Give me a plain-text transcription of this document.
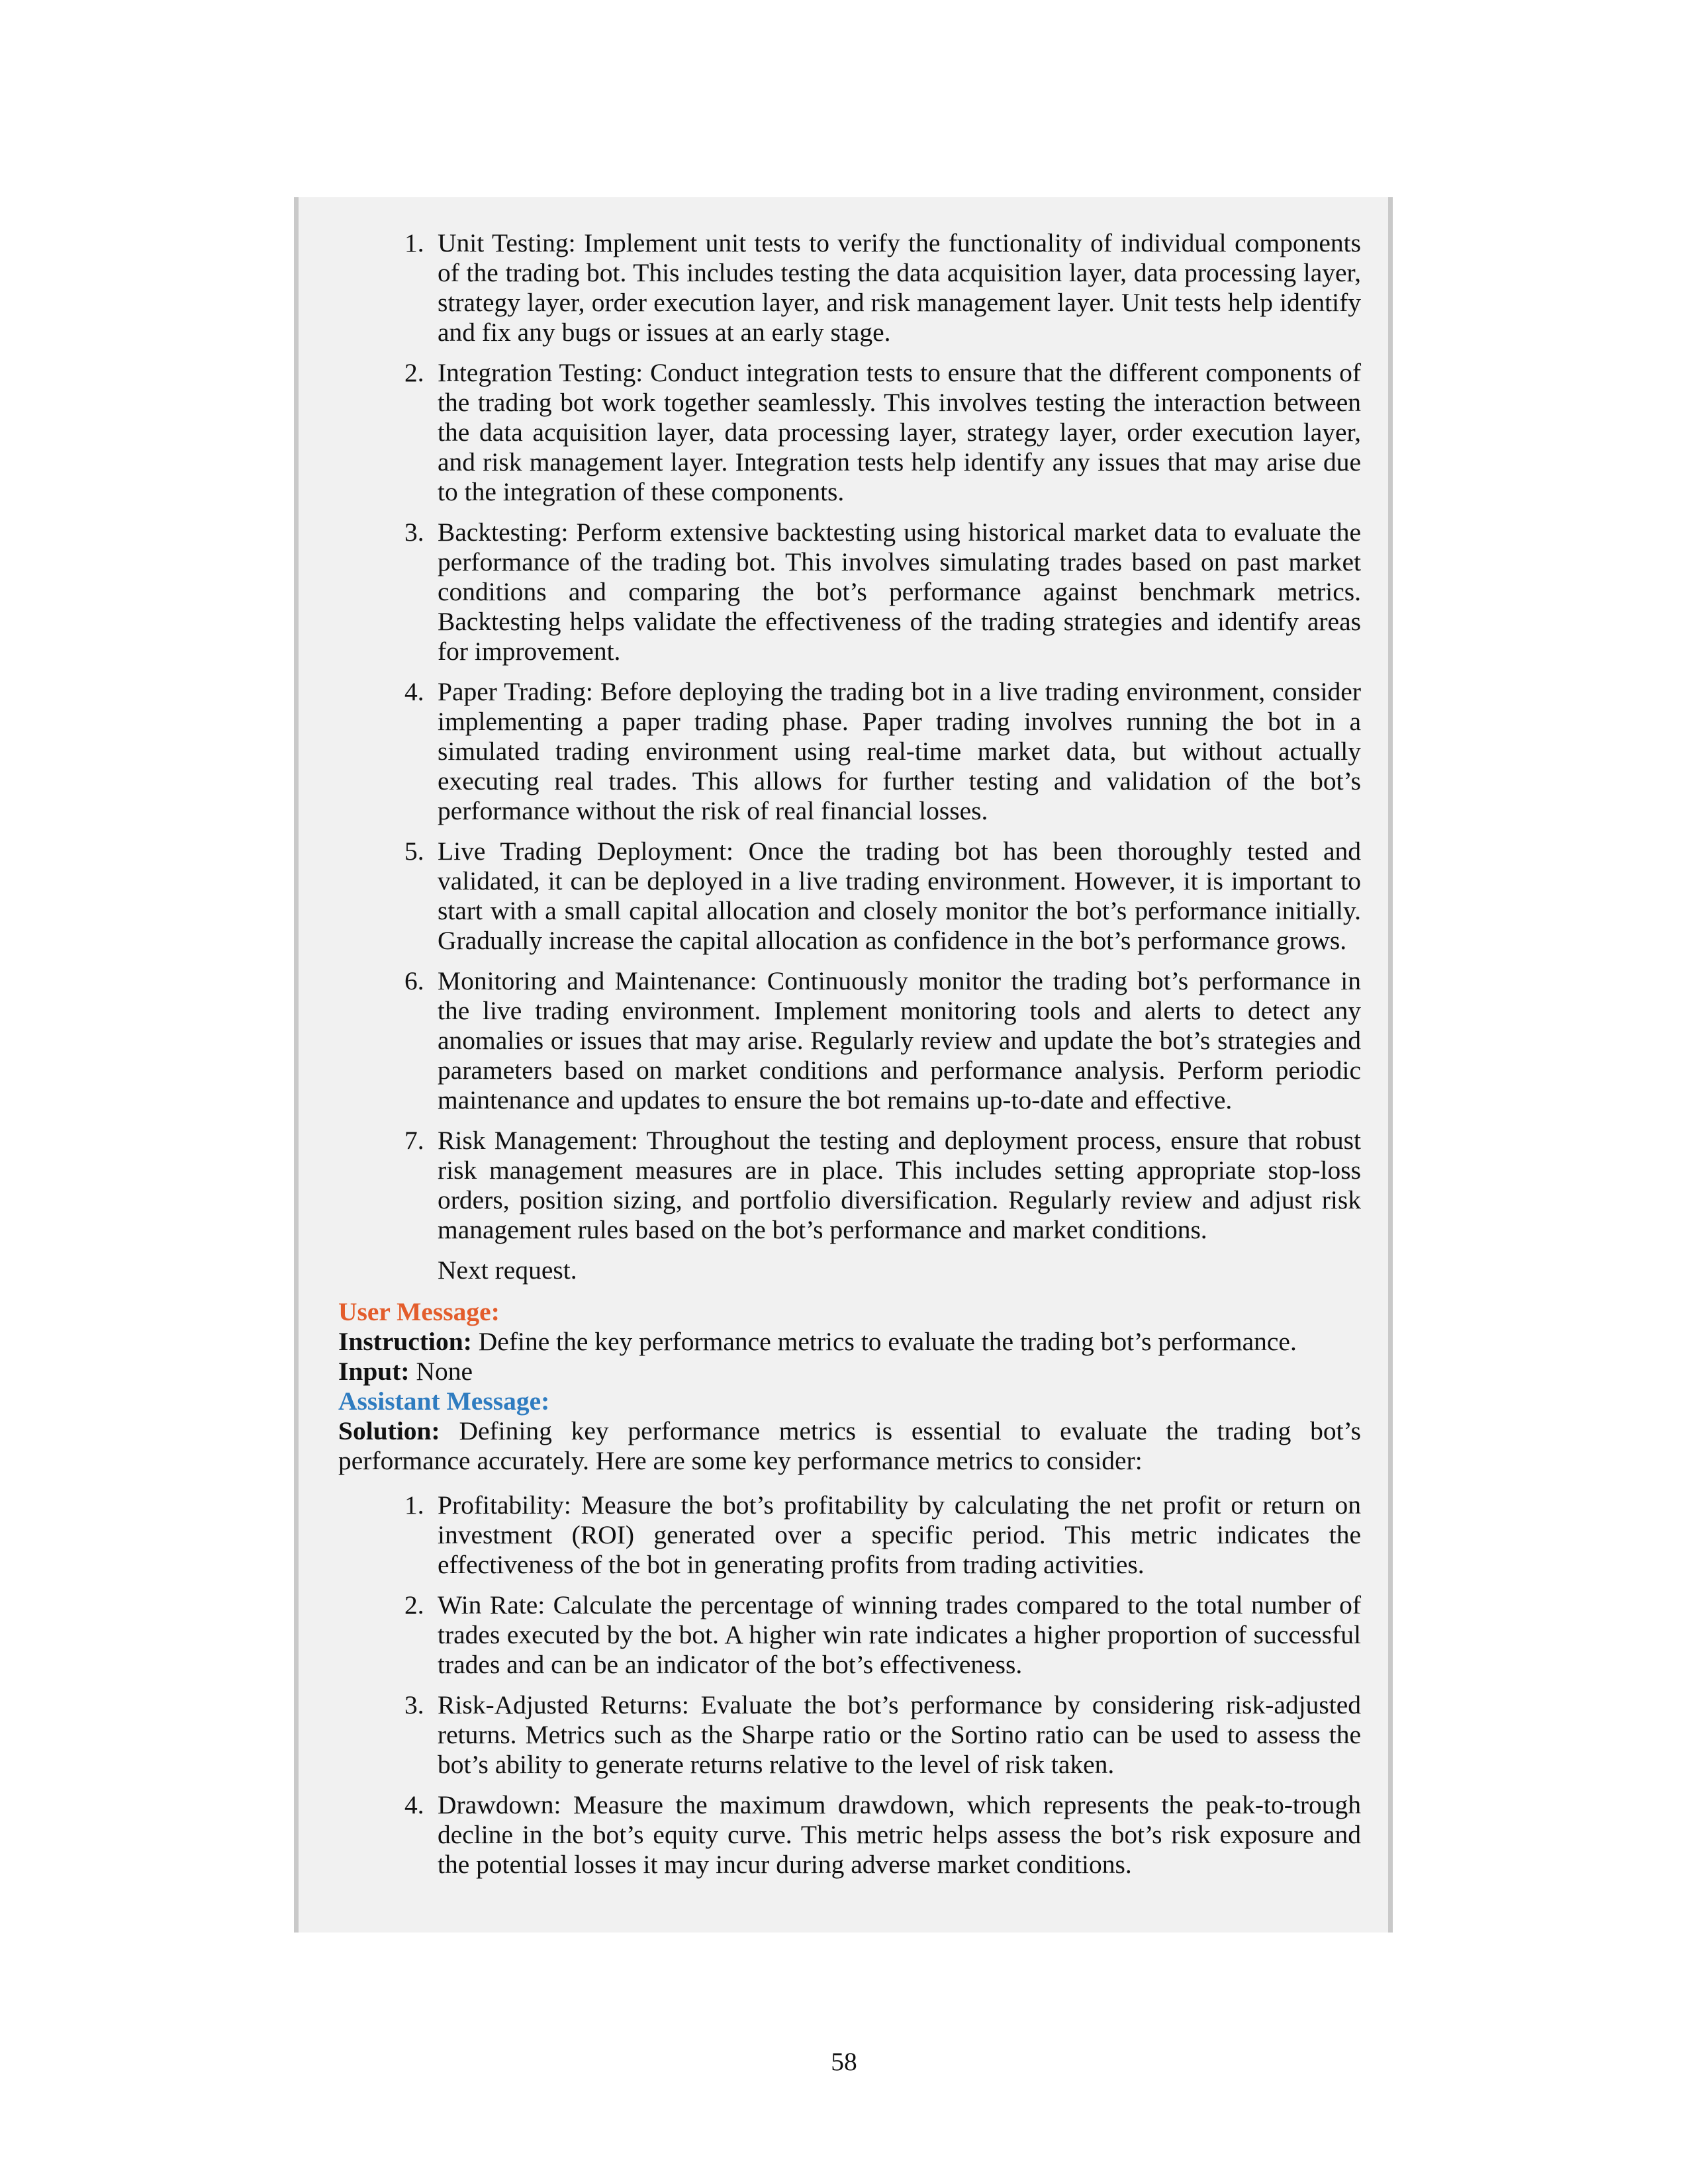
1. Unit Testing: Implement unit tests to verify the functionality of individual components of the trading bot. This includes testing the data acquisition layer, data processing layer, strategy layer, order execution layer, and risk management layer. Unit tests help identify and fix any bugs or issues at an early stage.
2. Integration Testing: Conduct integration tests to ensure that the different components of the trading bot work together seamlessly. This involves testing the interaction between the data acquisition layer, data processing layer, strategy layer, order execution layer, and risk management layer. Integration tests help identify any issues that may arise due to the integration of these components.
3. Backtesting: Perform extensive backtesting using historical market data to evaluate the performance of the trading bot. This involves simulating trades based on past market conditions and comparing the bot’s performance against benchmark metrics. Backtesting helps validate the effectiveness of the trading strategies and identify areas for improvement.
4. Paper Trading: Before deploying the trading bot in a live trading environment, consider implementing a paper trading phase. Paper trading involves running the bot in a simulated trading environment using real-time market data, but without actually executing real trades. This allows for further testing and validation of the bot’s performance without the risk of real financial losses.
5. Live Trading Deployment: Once the trading bot has been thoroughly tested and validated, it can be deployed in a live trading environment. However, it is important to start with a small capital allocation and closely monitor the bot’s performance initially. Gradually increase the capital allocation as confidence in the bot’s performance grows.
6. Monitoring and Maintenance: Continuously monitor the trading bot’s performance in the live trading environment. Implement monitoring tools and alerts to detect any anomalies or issues that may arise. Regularly review and update the bot’s strategies and parameters based on market conditions and performance analysis. Perform periodic maintenance and updates to ensure the bot remains up-to-date and effective.
7. Risk Management: Throughout the testing and deployment process, ensure that robust risk management measures are in place. This includes setting appropriate stop-loss orders, position sizing, and portfolio diversification. Regularly review and adjust risk management rules based on the bot’s performance and market conditions.
Next request.
User Message:
Instruction: Define the key performance metrics to evaluate the trading bot’s performance.
Input: None
Assistant Message:
Solution: Defining key performance metrics is essential to evaluate the trading bot’s performance accurately. Here are some key performance metrics to consider:
1. Profitability: Measure the bot’s profitability by calculating the net profit or return on investment (ROI) generated over a specific period. This metric indicates the effectiveness of the bot in generating profits from trading activities.
2. Win Rate: Calculate the percentage of winning trades compared to the total number of trades executed by the bot. A higher win rate indicates a higher proportion of successful trades and can be an indicator of the bot’s effectiveness.
3. Risk-Adjusted Returns: Evaluate the bot’s performance by considering risk-adjusted returns. Metrics such as the Sharpe ratio or the Sortino ratio can be used to assess the bot’s ability to generate returns relative to the level of risk taken.
4. Drawdown: Measure the maximum drawdown, which represents the peak-to-trough decline in the bot’s equity curve. This metric helps assess the bot’s risk exposure and the potential losses it may incur during adverse market conditions.
58
